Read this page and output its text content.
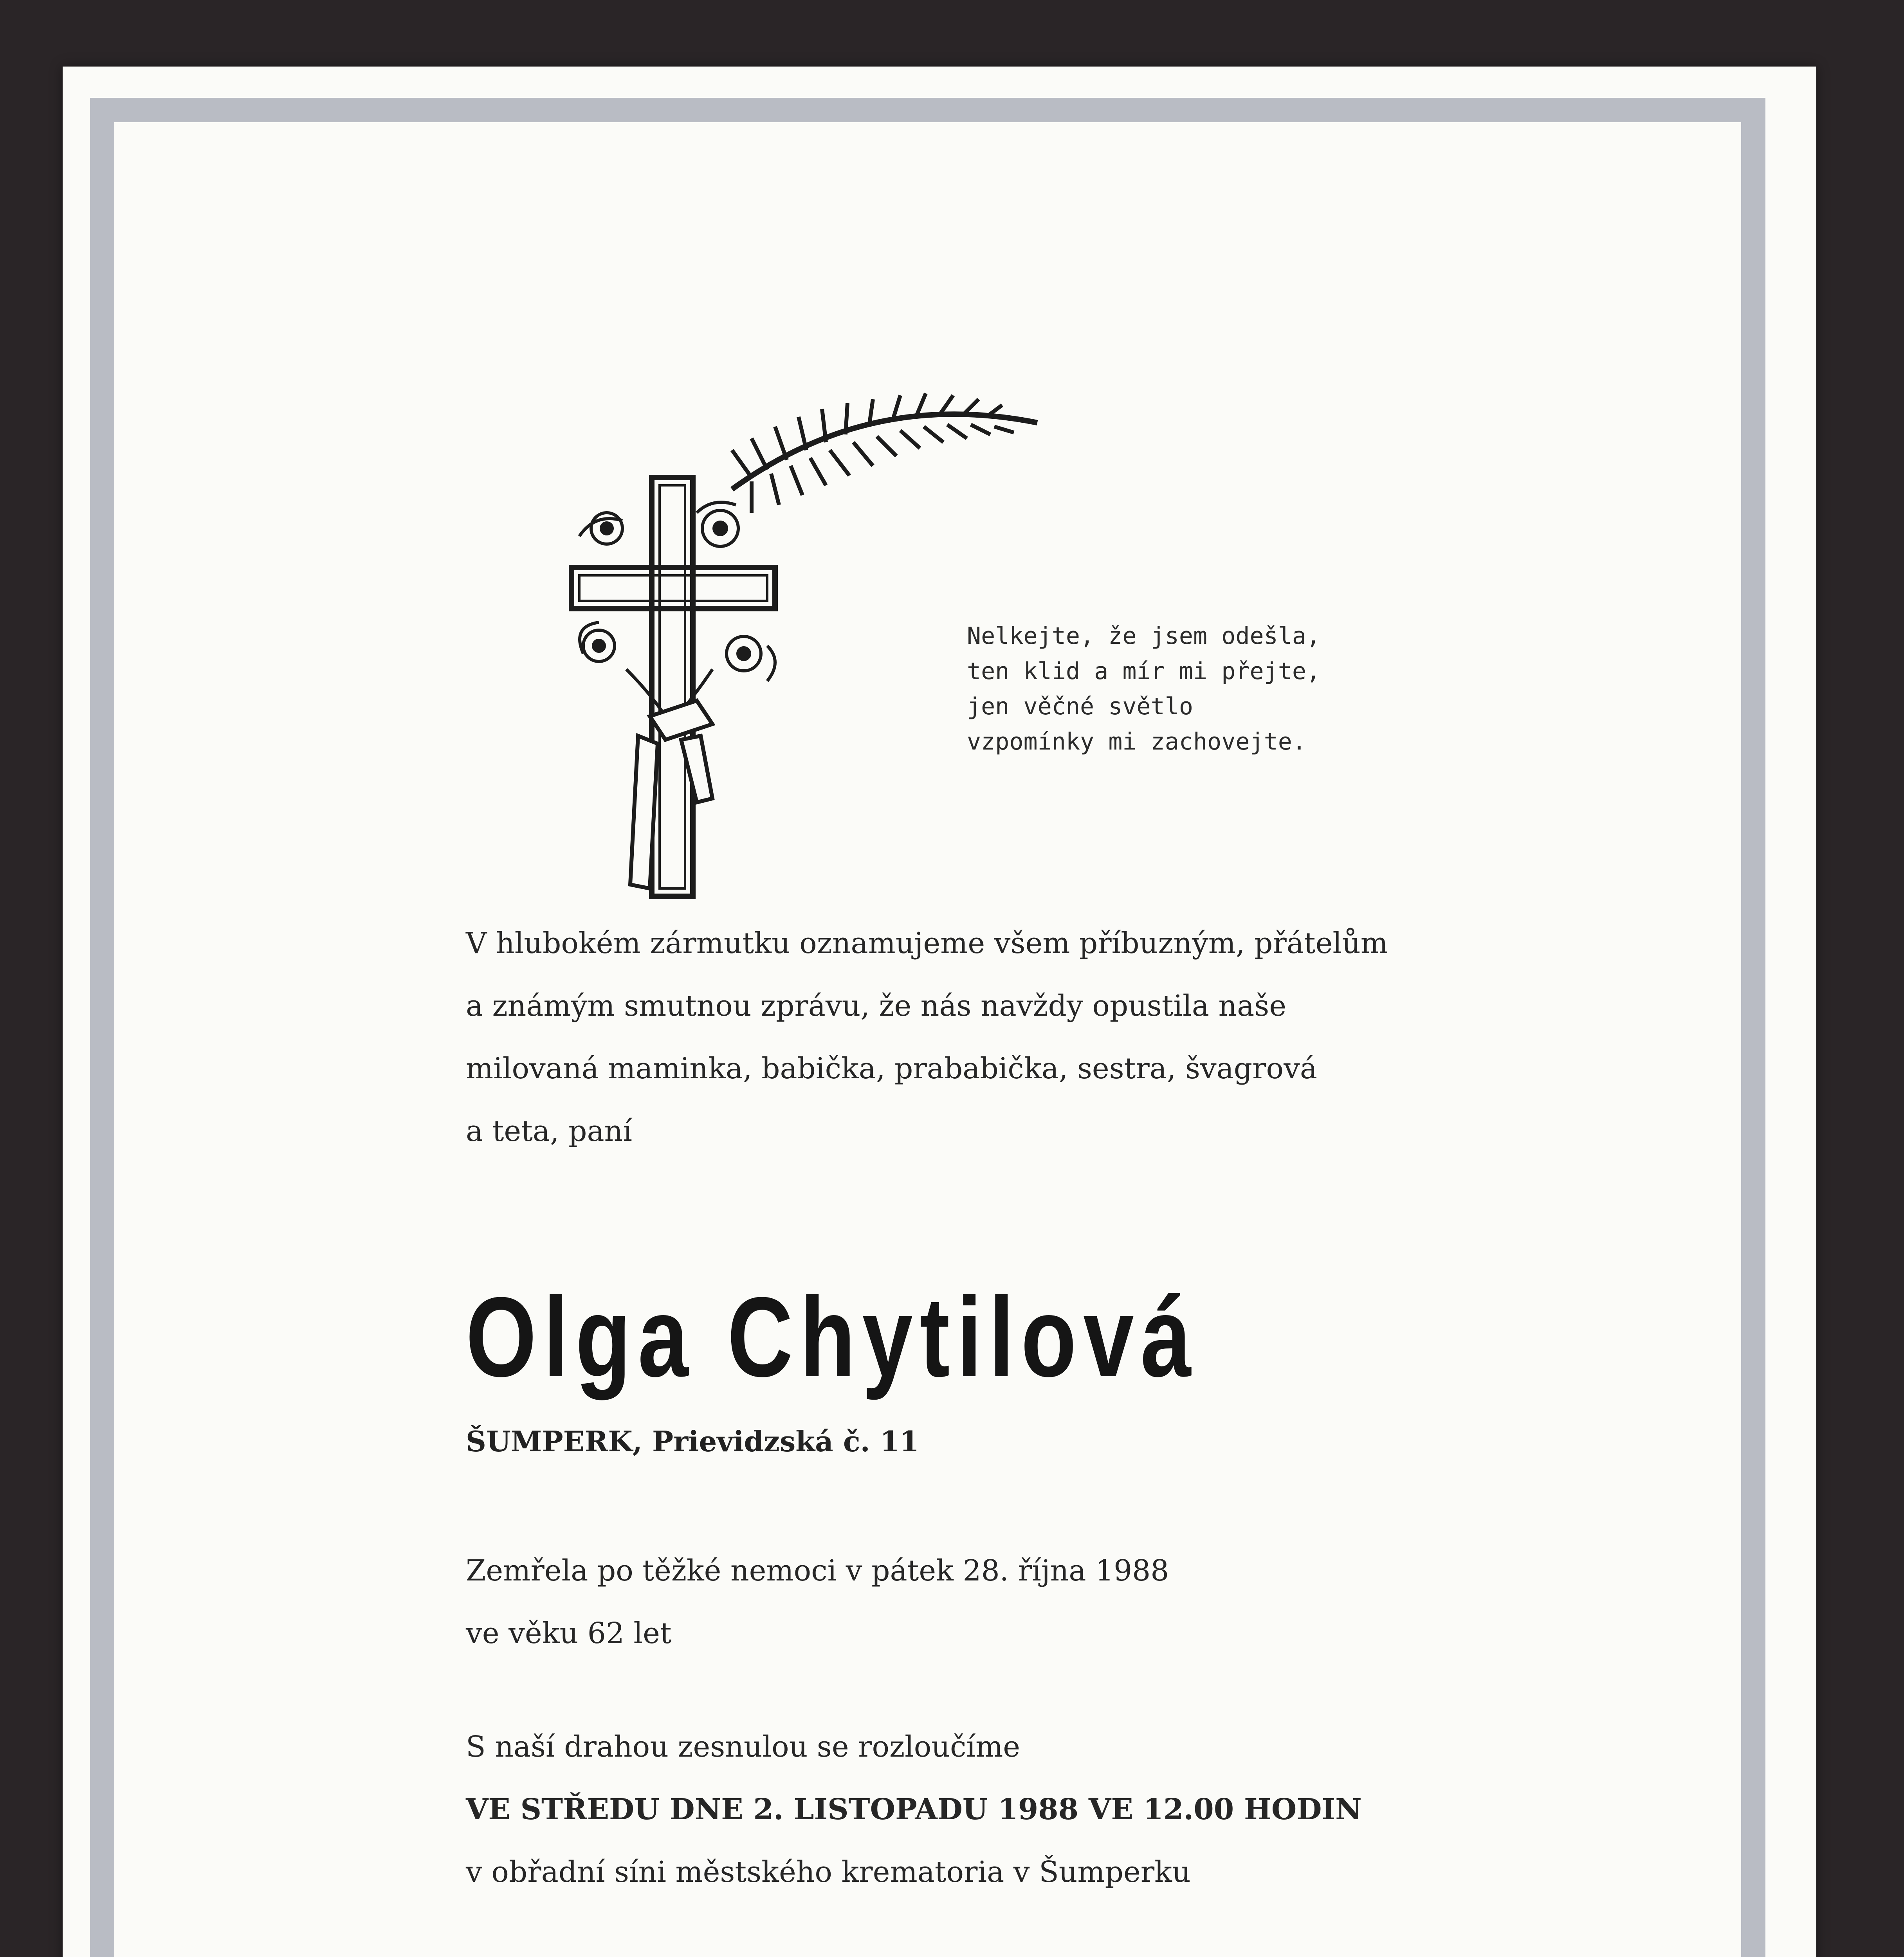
Nelkejte, že jsem odešla,
ten klid a mír mi přejte,
jen věčné světlo
vzpomínky mi zachovejte.
V hlubokém zármutku oznamujeme všem příbuzným, přátelům
a známým smutnou zprávu, že nás navždy opustila naše
milovaná maminka, babička, prababička, sestra, švagrová
a teta, paní
Olga Chytilová
ŠUMPERK, Prievidzská č. 11
Zemřela po těžké nemoci v pátek 28. října 1988
ve věku 62 let
S naší drahou zesnulou se rozloučíme
VE STŘEDU DNE 2. LISTOPADU 1988 VE 12.00 HODIN
v obřadní síni městského krematoria v Šumperku
